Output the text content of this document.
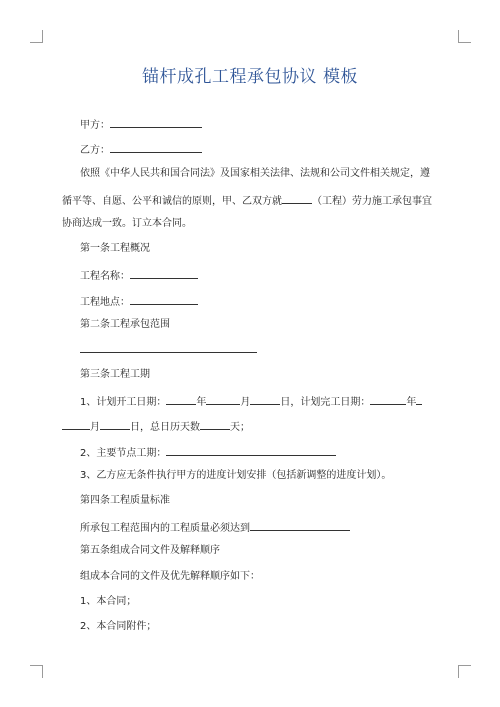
锚杆成孔工程承包协议 模板
甲方：
乙方：
依照《中华人民共和国合同法》及国家相关法律、法规和公司文件相关规定，遵
循平等、自愿、公平和诚信的原则，甲、乙双方就	（工程）劳力施工承包事宜
协商达成一致。订立本合同。
第一条工程概况
工程名称：
工程地点：
第二条工程承包范围
第三条工程工期
1、计划开工日期：	年	月	日，计划完工日期：	年
月	日，总日历天数	天；
2、主要节点工期：
3、乙方应无条件执行甲方的进度计划安排（包括新调整的进度计划）。
第四条工程质量标准
所承包工程范围内的工程质量必须达到
第五条组成合同文件及解释顺序
组成本合同的文件及优先解释顺序如下：
1、本合同；
2、本合同附件；
